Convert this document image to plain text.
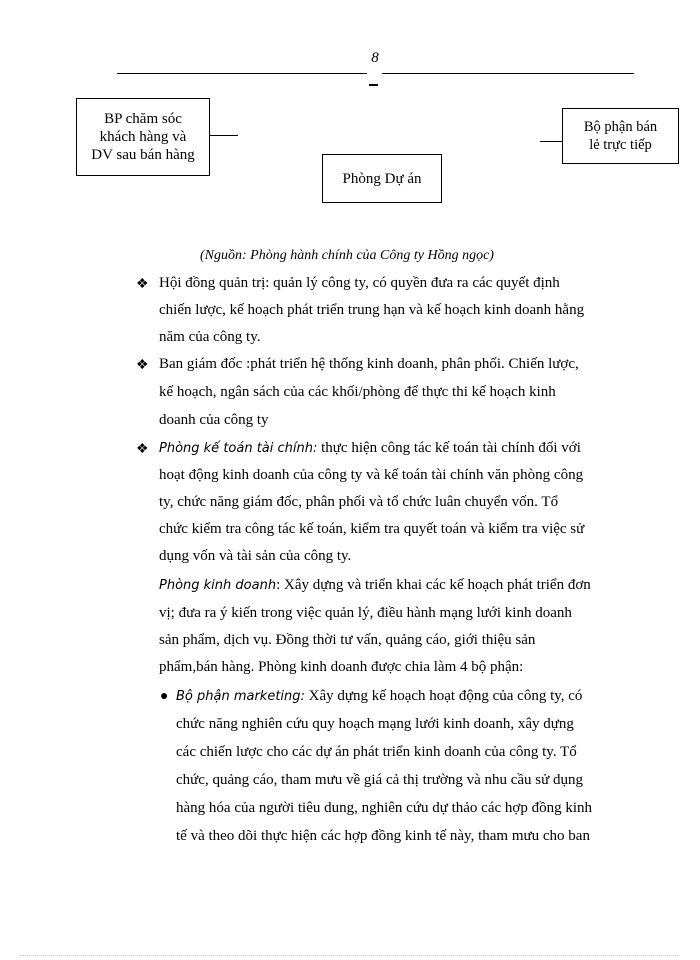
8
BP chăm sóc
khách hàng và
DV sau bán hàng
Bộ phận bán
lẻ trực tiếp
Phòng Dự án
(Nguồn: Phòng hành chính của Công ty Hồng ngọc)
❖ Hội đồng quản trị: quản lý công ty, có quyền đưa ra các quyết định
chiến lược, kế hoạch phát triển trung hạn và kế hoạch kinh doanh hằng
năm của công ty.
❖ Ban giám đốc :phát triển hệ thống kinh doanh, phân phối. Chiến lược,
kế hoạch, ngân sách của các khối/phòng để thực thi kế hoạch kinh
doanh của công ty
❖ Phòng kế toán tài chính: thực hiện công tác kế toán tài chính đối với
hoạt động kinh doanh của công ty và kế toán tài chính văn phòng công
ty, chức năng giám đốc, phân phối và tổ chức luân chuyển vốn. Tổ
chức kiểm tra công tác kế toán, kiểm tra quyết toán và kiểm tra việc sử
dụng vốn và tài sản của công ty.
Phòng kinh doanh: Xây dựng và triển khai các kế hoạch phát triển đơn
vị; đưa ra ý kiến trong việc quản lý, điều hành mạng lưới kinh doanh
sản phẩm, dịch vụ. Đồng thời tư vấn, quảng cáo, giới thiệu sản
phẩm,bán hàng. Phòng kinh doanh được chia làm 4 bộ phận:
● Bộ phận marketing: Xây dựng kế hoạch hoạt động của công ty, có
chức năng nghiên cứu quy hoạch mạng lưới kinh doanh, xây dựng
các chiến lược cho các dự án phát triển kinh doanh của công ty. Tổ
chức, quảng cáo, tham mưu về giá cả thị trường và nhu cầu sử dụng
hàng hóa của người tiêu dung, nghiên cứu dự thảo các hợp đồng kinh
tế và theo dõi thực hiện các hợp đồng kinh tế này, tham mưu cho ban
